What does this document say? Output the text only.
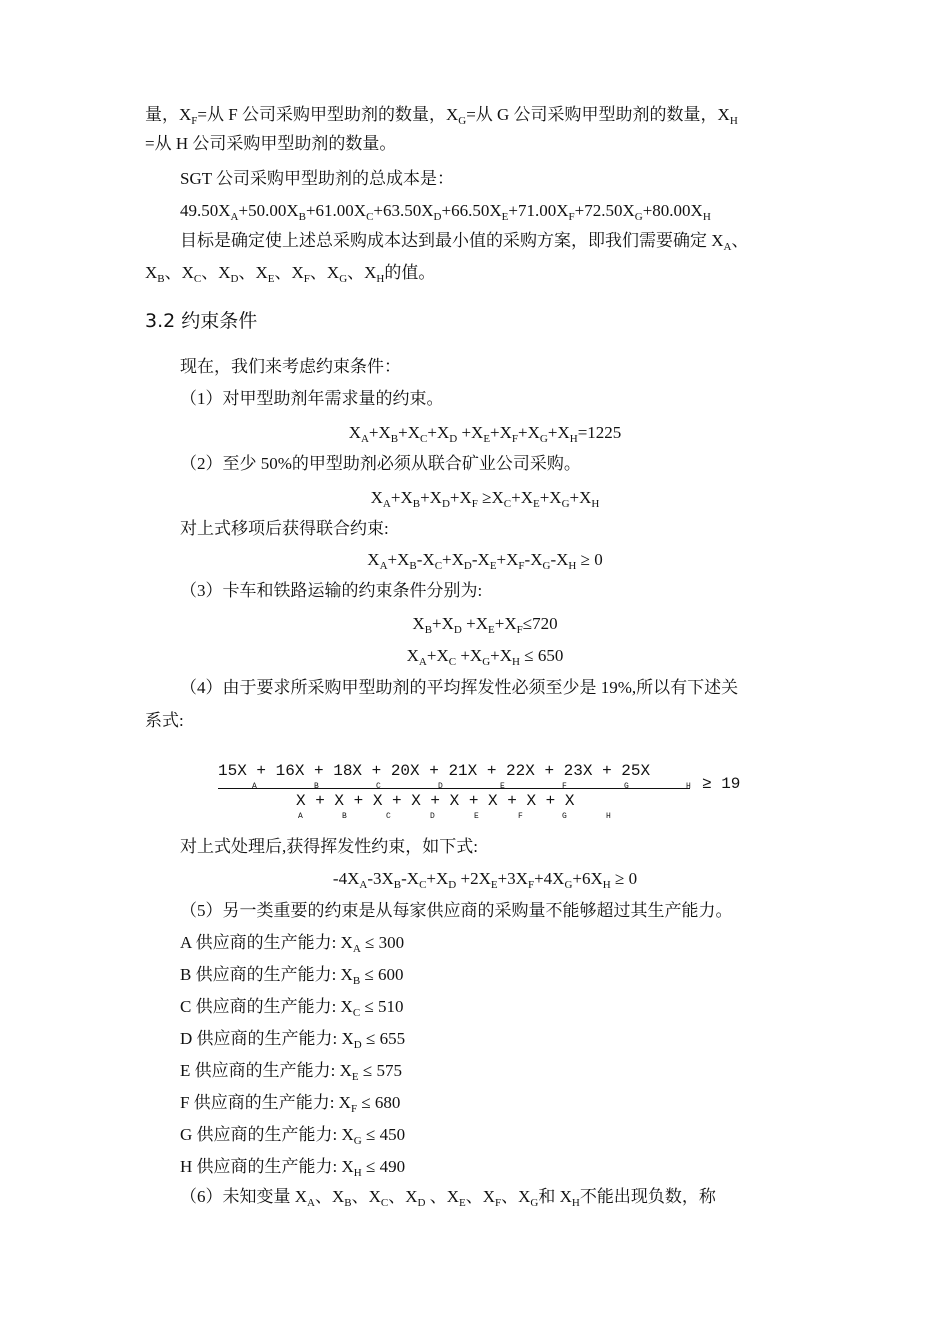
量，$X_F=$从 F 公司采购甲型助剂的数量，$X_G=$从 G 公司采购甲型助剂的数量，$X_H$
=从 H 公司采购甲型助剂的数量。
SGT 公司采购甲型助剂的总成本是：
$49.50X_A+50.00X_B+61.00X_C+63.50X_D+66.50X_E+71.00X_F+72.50X_G+80.00X_H$
目标是确定使上述总采购成本达到最小值的采购方案，即我们需要确定 $X_A$、
$X_B$、$X_C$、$X_D$、$X_E$、$X_F$、$X_G$、$X_H$的值。
3.2 约束条件
现在，我们来考虑约束条件：
（1）对甲型助剂年需求量的约束。
$X_A+X_B+X_C+X_D +X_E+X_F+X_G+X_H=1225$
（2）至少 50%的甲型助剂必须从联合矿业公司采购。
$X_A+X_B+X_D+X_F \ge X_C+X_E+X_G+X_H$
对上式移项后获得联合约束:
$X_A+X_B-X_C+X_D-X_E+X_F-X_G-X_H \ge 0$
（3）卡车和铁路运输的约束条件分别为:
$X_B+X_D +X_E+X_F\le 720$
$X_A+X_C +X_G+X_H \le 650$
（4）由于要求所采购甲型助剂的平均挥发性必须至少是 19%,所以有下述关
系式:
15X + 16X + 18X + 20X + 21X + 22X + 23X + 25X
X + X + X + X + X + X + X + X
≥ 19
A	B	C	D	E	F	G	H
A	B	C	D	E	F	G	H
对上式处理后,获得挥发性约束，如下式:
$-4X_A-3X_B-X_C+X_D +2X_E+3X_F+4X_G+6X_H \ge 0$
（5）另一类重要的约束是从每家供应商的采购量不能够超过其生产能力。
A 供应商的生产能力: $X_A \le 300$
B 供应商的生产能力: $X_B \le 600$
C 供应商的生产能力: $X_C \le 510$
D 供应商的生产能力: $X_D \le 655$
E 供应商的生产能力: $X_E \le 575$
F 供应商的生产能力: $X_F \le 680$
G 供应商的生产能力: $X_G \le 450$
H 供应商的生产能力: $X_H \le 490$
（6）未知变量 $X_A$、$X_B$、$X_C$、$X_D$ 、$X_E$、$X_F$、$X_G$和 $X_H$不能出现负数，称
